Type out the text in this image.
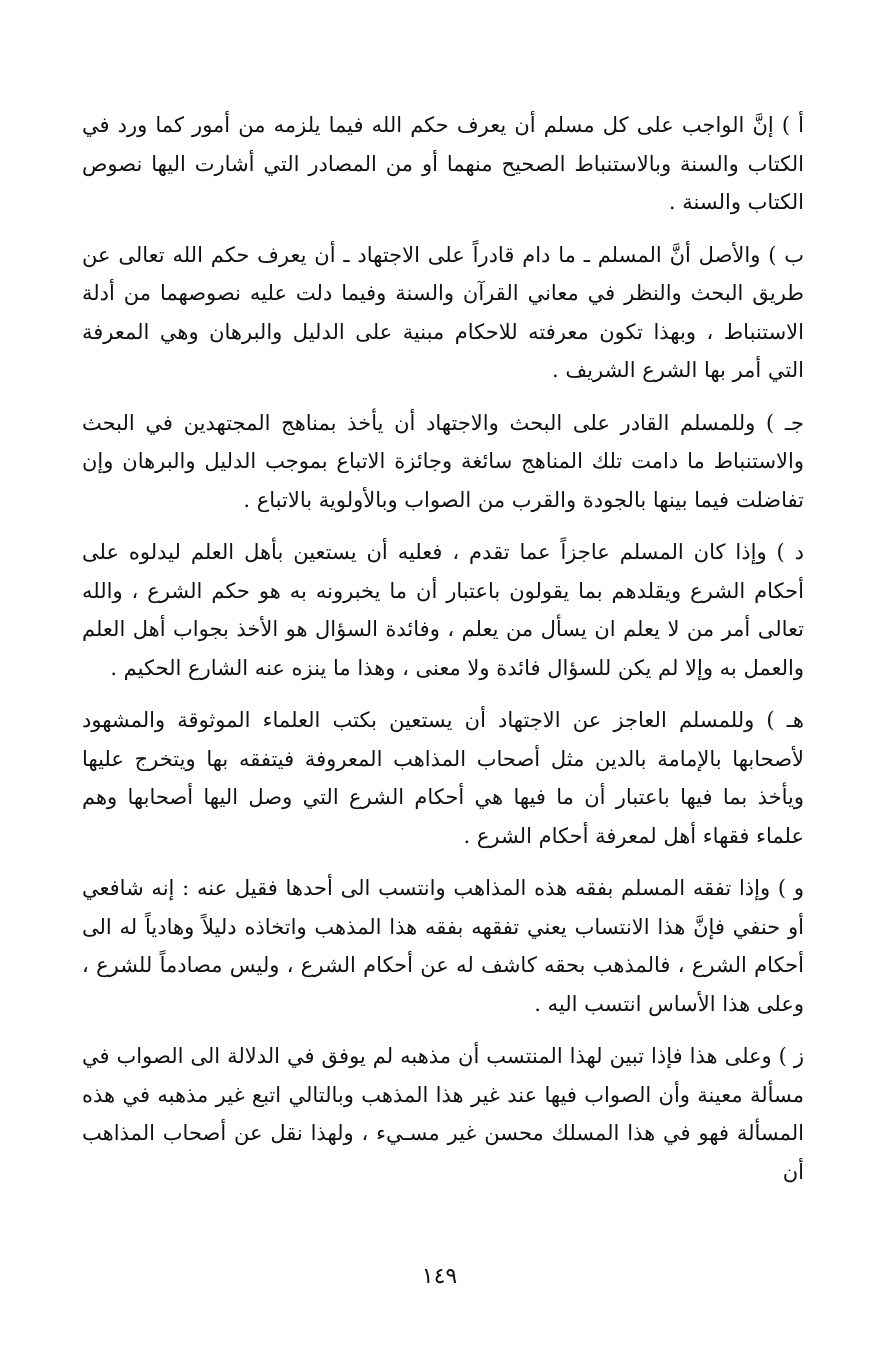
أ ) إنَّ الواجب على كل مسلم أن يعرف حكم الله فيما يلزمه من أمور كما ورد في الكتاب والسنة وبالاستنباط الصحيح منهما أو من المصادر التي أشارت اليها نصوص الكتاب والسنة .

ب ) والأصل أنَّ المسلم ـ ما دام قادراً على الاجتهاد ـ أن يعرف حكم الله تعالى عن طريق البحث والنظر في معاني القرآن والسنة وفيما دلت عليه نصوصهما من أدلة الاستنباط ، وبهذا تكون معرفته للاحكام مبنية على الدليل والبرهان وهي المعرفة التي أمر بها الشرع الشريف .

جـ ) وللمسلم القادر على البحث والاجتهاد أن يأخذ بمناهج المجتهدين في البحث والاستنباط ما دامت تلك المناهج سائغة وجائزة الاتباع بموجب الدليل والبرهان وإن تفاضلت فيما بينها بالجودة والقرب من الصواب وبالأولوية بالاتباع .

د ) وإذا كان المسلم عاجزاً عما تقدم ، فعليه أن يستعين بأهل العلم ليدلوه على أحكام الشرع ويقلدهم بما يقولون باعتبار أن ما يخبرونه به هو حكم الشرع ، والله تعالى أمر من لا يعلم ان يسأل من يعلم ، وفائدة السؤال هو الأخذ بجواب أهل العلم والعمل به وإلا لم يكن للسؤال فائدة ولا معنى ، وهذا ما ينزه عنه الشارع الحكيم .

هـ ) وللمسلم العاجز عن الاجتهاد أن يستعين بكتب العلماء الموثوقة والمشهود لأصحابها بالإمامة بالدين مثل أصحاب المذاهب المعروفة فيتفقه بها ويتخرج عليها ويأخذ بما فيها باعتبار أن ما فيها هي أحكام الشرع التي وصل اليها أصحابها وهم علماء فقهاء أهل لمعرفة أحكام الشرع .

و ) وإذا تفقه المسلم بفقه هذه المذاهب وانتسب الى أحدها فقيل عنه : إنه شافعي أو حنفي فإنَّ هذا الانتساب يعني تفقهه بفقه هذا المذهب واتخاذه دليلاً وهادياً له الى أحكام الشرع ، فالمذهب بحقه كاشف له عن أحكام الشرع ، وليس مصادماً للشرع ، وعلى هذا الأساس انتسب اليه .

ز ) وعلى هذا فإذا تبين لهذا المنتسب أن مذهبه لم يوفق في الدلالة الى الصواب في مسألة معينة وأن الصواب فيها عند غير هذا المذهب وبالتالي اتبع غير مذهبه في هذه المسألة فهو في هذا المسلك محسن غير مسـيء ، ولهذا نقل عن أصحاب المذاهب أن

١٤٩
